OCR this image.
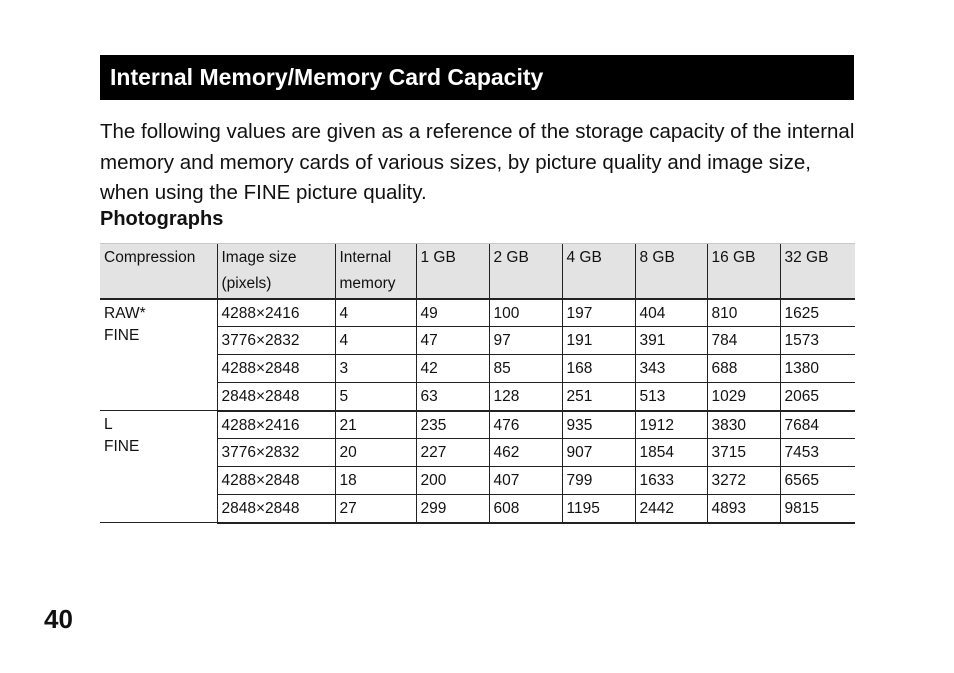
Internal Memory/Memory Card Capacity

The following values are given as a reference of the storage capacity of the internal memory and memory cards of various sizes, by picture quality and image size, when using the FINE picture quality.

Photographs
Compression	Image size (pixels)	Internal memory	1 GB	2 GB	4 GB	8 GB	16 GB	32 GB

RAW*
FINE	4288×2416	4	49	100	197	404	810	1625
	3776×2832	4	47	97	191	391	784	1573
	4288×2848	3	42	85	168	343	688	1380
	2848×2848	5	63	128	251	513	1029	2065

L
FINE	4288×2416	21	235	476	935	1912	3830	7684
	3776×2832	20	227	462	907	1854	3715	7453
	4288×2848	18	200	407	799	1633	3272	6565
	2848×2848	27	299	608	1195	2442	4893	9815

40
